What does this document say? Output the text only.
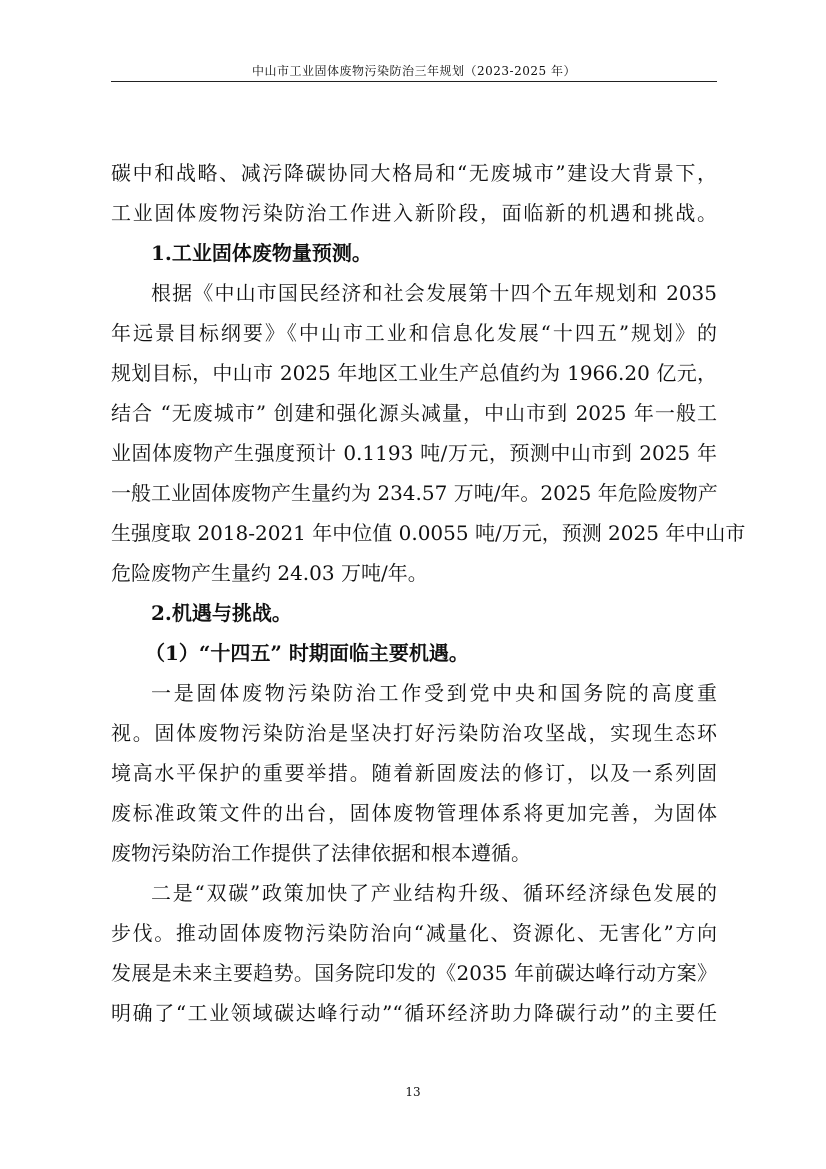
中山市工业固体废物污染防治三年规划（2023-2025 年）
碳中和战略、减污降碳协同大格局和“无废城市”建设大背景下，
工业固体废物污染防治工作进入新阶段，面临新的机遇和挑战。
1.工业固体废物量预测。
根据《中山市国民经济和社会发展第十四个五年规划和 2035
年远景目标纲要》《中山市工业和信息化发展“十四五”规划》的
规划目标，中山市 2025 年地区工业生产总值约为 1966.20 亿元，
结合 “无废城市” 创建和强化源头减量，中山市到 2025 年一般工
业固体废物产生强度预计 0.1193 吨/万元，预测中山市到 2025 年
一般工业固体废物产生量约为 234.57 万吨/年。2025 年危险废物产
生强度取 2018-2021 年中位值 0.0055 吨/万元，预测 2025 年中山市
危险废物产生量约 24.03 万吨/年。
2.机遇与挑战。
（1）“十四五” 时期面临主要机遇。
一是固体废物污染防治工作受到党中央和国务院的高度重
视。固体废物污染防治是坚决打好污染防治攻坚战，实现生态环
境高水平保护的重要举措。随着新固废法的修订，以及一系列固
废标准政策文件的出台，固体废物管理体系将更加完善，为固体
废物污染防治工作提供了法律依据和根本遵循。
二是“双碳”政策加快了产业结构升级、循环经济绿色发展的
步伐。推动固体废物污染防治向“减量化、资源化、无害化”方向
发展是未来主要趋势。国务院印发的《2035 年前碳达峰行动方案》
明确了“工业领域碳达峰行动”“循环经济助力降碳行动”的主要任
13
